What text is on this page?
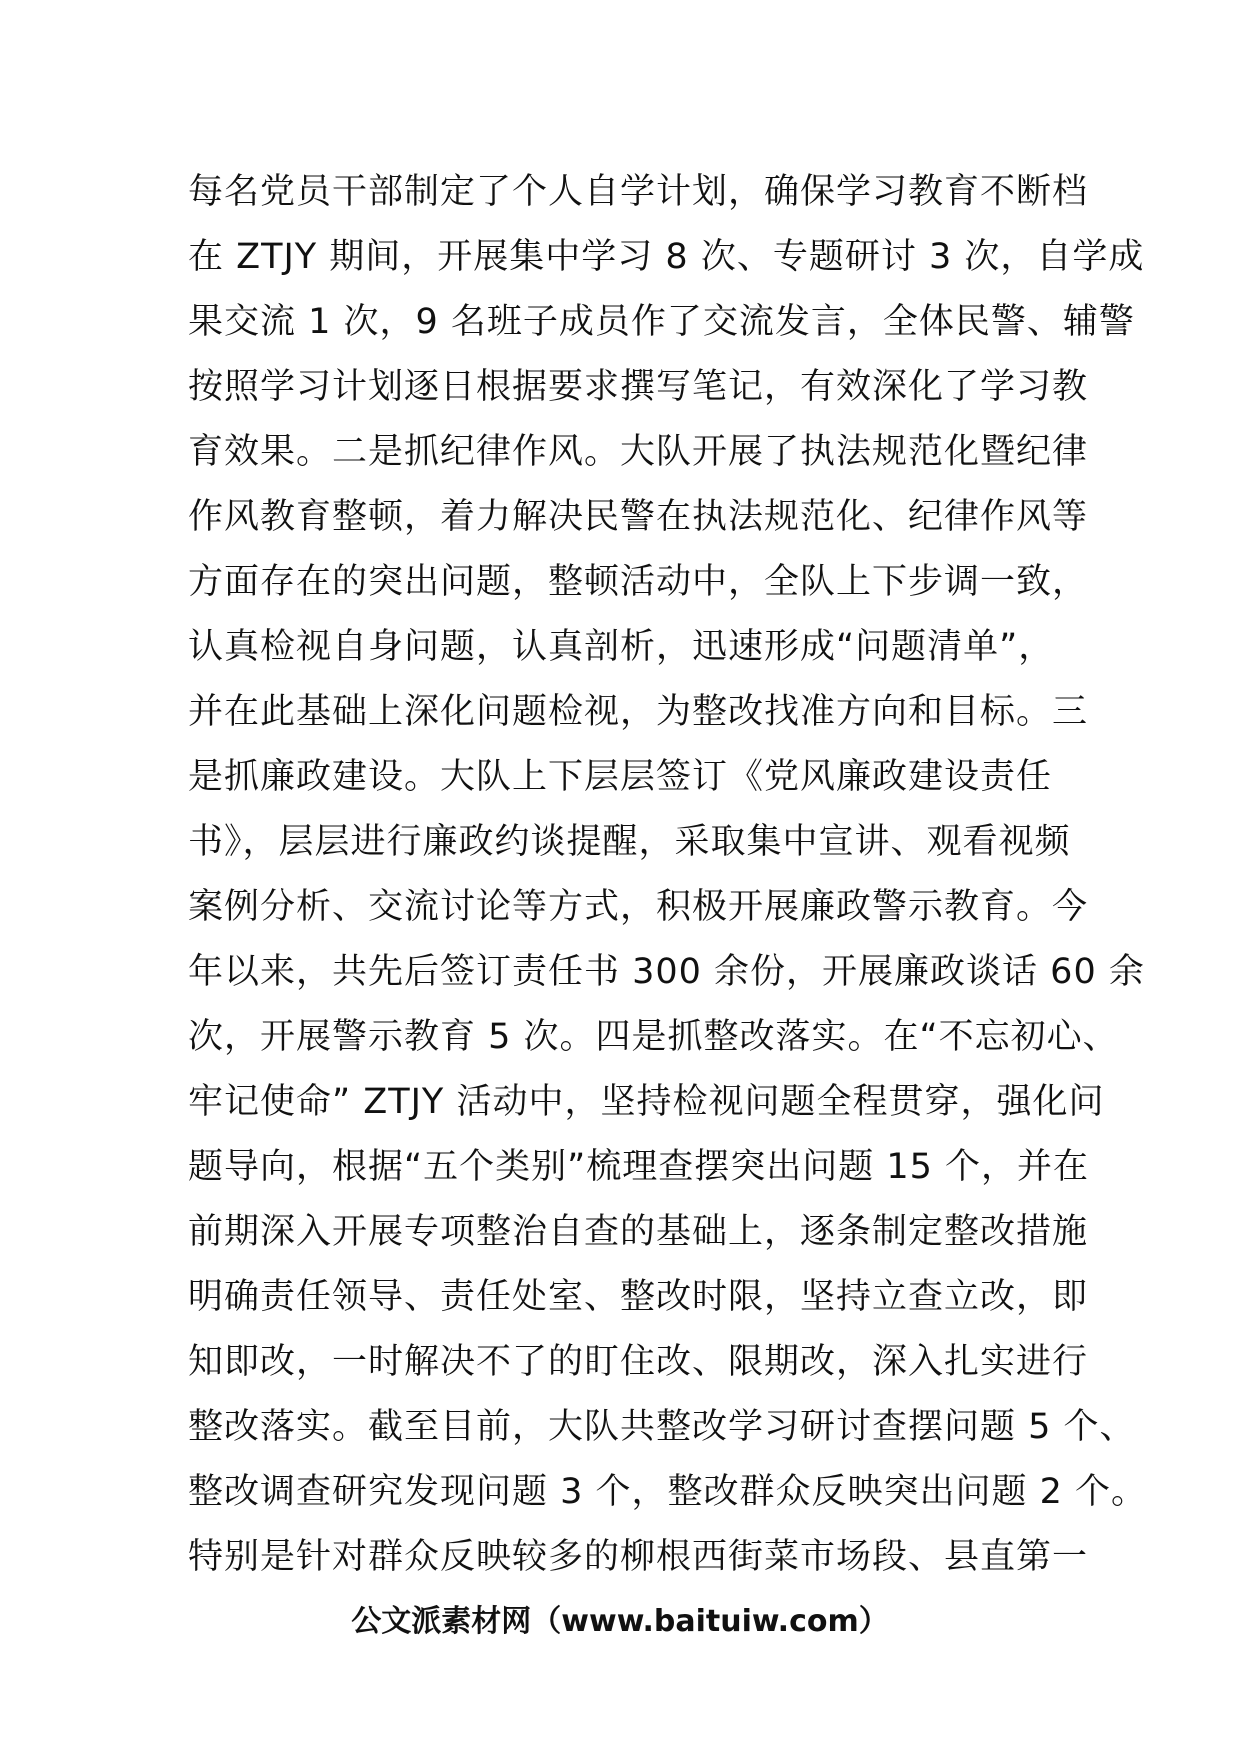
每名党员干部制定了个人自学计划，确保学习教育不断档
在 ZTJY 期间，开展集中学习 8 次、专题研讨 3 次，自学成
果交流 1 次，9 名班子成员作了交流发言，全体民警、辅警
按照学习计划逐日根据要求撰写笔记，有效深化了学习教
育效果。二是抓纪律作风。大队开展了执法规范化暨纪律
作风教育整顿，着力解决民警在执法规范化、纪律作风等
方面存在的突出问题，整顿活动中，全队上下步调一致，
认真检视自身问题，认真剖析，迅速形成“问题清单”，
并在此基础上深化问题检视，为整改找准方向和目标。三
是抓廉政建设。大队上下层层签订《党风廉政建设责任
书》，层层进行廉政约谈提醒，采取集中宣讲、观看视频
案例分析、交流讨论等方式，积极开展廉政警示教育。今
年以来，共先后签订责任书 300 余份，开展廉政谈话 60 余
次，开展警示教育 5 次。四是抓整改落实。在“不忘初心、
牢记使命” ZTJY 活动中，坚持检视问题全程贯穿，强化问
题导向，根据“五个类别”梳理查摆突出问题 15 个，并在
前期深入开展专项整治自查的基础上，逐条制定整改措施
明确责任领导、责任处室、整改时限，坚持立查立改，即
知即改，一时解决不了的盯住改、限期改，深入扎实进行
整改落实。截至目前，大队共整改学习研讨查摆问题 5 个、
整改调查研究发现问题 3 个，整改群众反映突出问题 2 个。
特别是针对群众反映较多的柳根西街菜市场段、县直第一
公文派素材网（www.baituiw.com）
